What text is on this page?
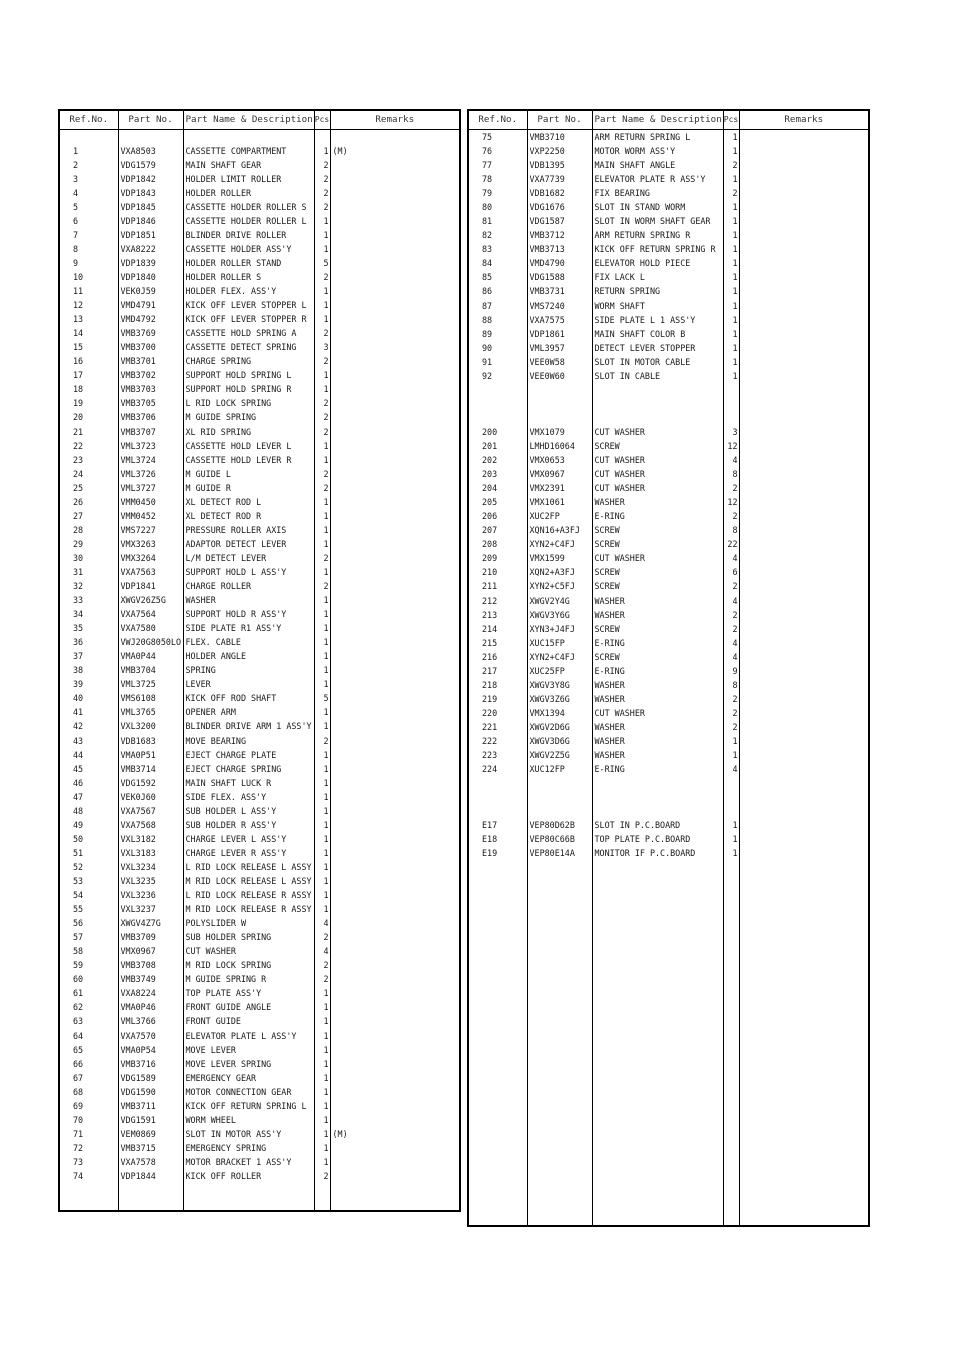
Ref.No.	Part No.	Part Name & Description	Pcs	Remarks

1	VXA8503	CASSETTE COMPARTMENT	1	(M)
2	VDG1579	MAIN SHAFT GEAR	2	
3	VDP1842	HOLDER LIMIT ROLLER	2	
4	VDP1843	HOLDER ROLLER	2	
5	VDP1845	CASSETTE HOLDER ROLLER S	2	
6	VDP1846	CASSETTE HOLDER ROLLER L	1	
7	VDP1851	BLINDER DRIVE ROLLER	1	
8	VXA8222	CASSETTE HOLDER ASS'Y	1	
9	VDP1839	HOLDER ROLLER STAND	5	
10	VDP1840	HOLDER ROLLER S	2	
11	VEK0J59	HOLDER FLEX. ASS'Y	1	
12	VMD4791	KICK OFF LEVER STOPPER L	1	
13	VMD4792	KICK OFF LEVER STOPPER R	1	
14	VMB3769	CASSETTE HOLD SPRING A	2	
15	VMB3700	CASSETTE DETECT SPRING	3	
16	VMB3701	CHARGE SPRING	2	
17	VMB3702	SUPPORT HOLD SPRING L	1	
18	VMB3703	SUPPORT HOLD SPRING R	1	
19	VMB3705	L RID LOCK SPRING	2	
20	VMB3706	M GUIDE SPRING	2	
21	VMB3707	XL RID SPRING	2	
22	VML3723	CASSETTE HOLD LEVER L	1	
23	VML3724	CASSETTE HOLD LEVER R	1	
24	VML3726	M GUIDE L	2	
25	VML3727	M GUIDE R	2	
26	VMM0450	XL DETECT ROD L	1	
27	VMM0452	XL DETECT ROD R	1	
28	VMS7227	PRESSURE ROLLER AXIS	1	
29	VMX3263	ADAPTOR DETECT LEVER	1	
30	VMX3264	L/M DETECT LEVER	2	
31	VXA7563	SUPPORT HOLD L ASS'Y	1	
32	VDP1841	CHARGE ROLLER	2	
33	XWGV26Z5G	WASHER	1	
34	VXA7564	SUPPORT HOLD R ASS'Y	1	
35	VXA7580	SIDE PLATE R1 ASS'Y	1	
36	VWJ20G8050LO	FLEX. CABLE	1	
37	VMA0P44	HOLDER ANGLE	1	
38	VMB3704	SPRING	1	
39	VML3725	LEVER	1	
40	VMS6108	KICK OFF ROD SHAFT	5	
41	VML3765	OPENER ARM	1	
42	VXL3200	BLINDER DRIVE ARM 1 ASS'Y	1	
43	VDB1683	MOVE BEARING	2	
44	VMA0P51	EJECT CHARGE PLATE	1	
45	VMB3714	EJECT CHARGE SPRING	1	
46	VDG1592	MAIN SHAFT LUCK R	1	
47	VEK0J60	SIDE FLEX. ASS'Y	1	
48	VXA7567	SUB HOLDER L ASS'Y	1	
49	VXA7568	SUB HOLDER R ASS'Y	1	
50	VXL3182	CHARGE LEVER L ASS'Y	1	
51	VXL3183	CHARGE LEVER R ASS'Y	1	
52	VXL3234	L RID LOCK RELEASE L ASSY	1	
53	VXL3235	M RID LOCK RELEASE L ASSY	1	
54	VXL3236	L RID LOCK RELEASE R ASSY	1	
55	VXL3237	M RID LOCK RELEASE R ASSY	1	
56	XWGV4Z7G	POLYSLIDER W	4	
57	VMB3709	SUB HOLDER SPRING	2	
58	VMX0967	CUT WASHER	4	
59	VMB3708	M RID LOCK SPRING	2	
60	VMB3749	M GUIDE SPRING R	2	
61	VXA8224	TOP PLATE ASS'Y	1	
62	VMA0P46	FRONT GUIDE ANGLE	1	
63	VML3766	FRONT GUIDE	1	
64	VXA7570	ELEVATOR PLATE L ASS'Y	1	
65	VMA0P54	MOVE LEVER	1	
66	VMB3716	MOVE LEVER SPRING	1	
67	VDG1589	EMERGENCY GEAR	1	
68	VDG1590	MOTOR CONNECTION GEAR	1	
69	VMB3711	KICK OFF RETURN SPRING L	1	
70	VDG1591	WORM WHEEL	1	
71	VEM0869	SLOT IN MOTOR ASS'Y	1	(M)
72	VMB3715	EMERGENCY SPRING	1	
73	VXA7578	MOTOR BRACKET 1 ASS'Y	1	
74	VDP1844	KICK OFF ROLLER	2	

Ref.No.	Part No.	Part Name & Description	Pcs	Remarks
75	VMB3710	ARM RETURN SPRING L	1	
76	VXP2250	MOTOR WORM ASS'Y	1	
77	VDB1395	MAIN SHAFT ANGLE	2	
78	VXA7739	ELEVATOR PLATE R ASS'Y	1	
79	VDB1682	FIX BEARING	2	
80	VDG1676	SLOT IN STAND WORM	1	
81	VDG1587	SLOT IN WORM SHAFT GEAR	1	
82	VMB3712	ARM RETURN SPRING R	1	
83	VMB3713	KICK OFF RETURN SPRING R	1	
84	VMD4790	ELEVATOR HOLD PIECE	1	
85	VDG1588	FIX LACK L	1	
86	VMB3731	RETURN SPRING	1	
87	VMS7240	WORM SHAFT	1	
88	VXA7575	SIDE PLATE L 1 ASS'Y	1	
89	VDP1861	MAIN SHAFT COLOR B	1	
90	VML3957	DETECT LEVER STOPPER	1	
91	VEE0W58	SLOT IN MOTOR CABLE	1	
92	VEE0W60	SLOT IN CABLE	1	

200	VMX1079	CUT WASHER	3	
201	LMHD16064	SCREW	12	
202	VMX0653	CUT WASHER	4	
203	VMX0967	CUT WASHER	8	
204	VMX2391	CUT WASHER	2	
205	VMX1061	WASHER	12	
206	XUC2FP	E-RING	2	
207	XQN16+A3FJ	SCREW	8	
208	XYN2+C4FJ	SCREW	22	
209	VMX1599	CUT WASHER	4	
210	XQN2+A3FJ	SCREW	6	
211	XYN2+C5FJ	SCREW	2	
212	XWGV2Y4G	WASHER	4	
213	XWGV3Y6G	WASHER	2	
214	XYN3+J4FJ	SCREW	2	
215	XUC15FP	E-RING	4	
216	XYN2+C4FJ	SCREW	4	
217	XUC25FP	E-RING	9	
218	XWGV3Y8G	WASHER	8	
219	XWGV3Z6G	WASHER	2	
220	VMX1394	CUT WASHER	2	
221	XWGV2D6G	WASHER	2	
222	XWGV3D6G	WASHER	1	
223	XWGV2Z5G	WASHER	1	
224	XUC12FP	E-RING	4	

E17	VEP80D62B	SLOT IN P.C.BOARD	1	
E18	VEP80C66B	TOP PLATE P.C.BOARD	1	
E19	VEP80E14A	MONITOR IF P.C.BOARD	1	
